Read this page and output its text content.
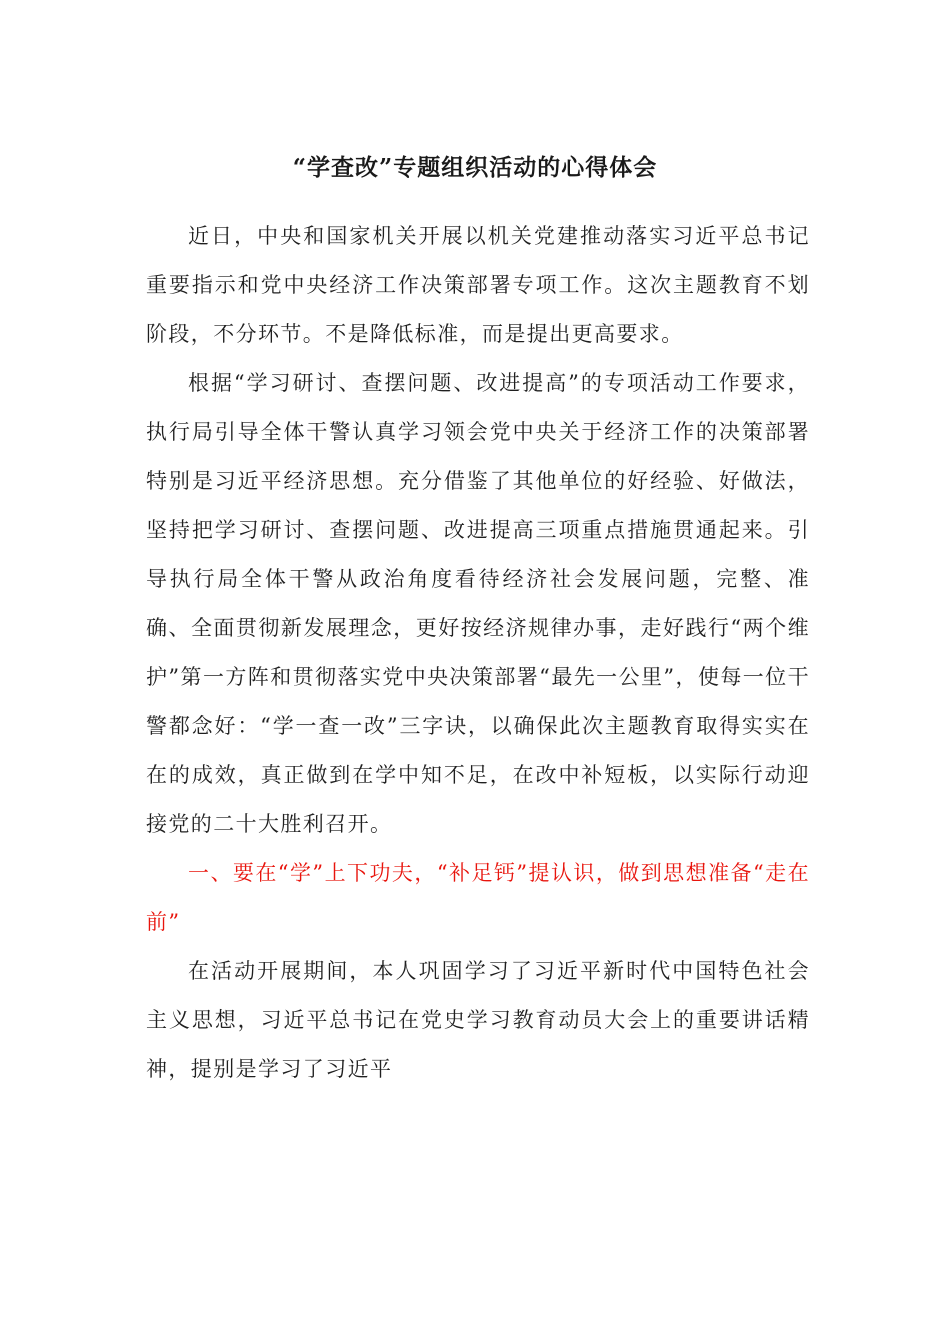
“学查改”专题组织活动的心得体会

近日，中央和国家机关开展以机关党建推动落实习近平总书记重要指示和党中央经济工作决策部署专项工作。这次主题教育不划阶段，不分环节。不是降低标准，而是提出更高要求。

根据“学习研讨、查摆问题、改进提高”的专项活动工作要求，执行局引导全体干警认真学习领会党中央关于经济工作的决策部署特别是习近平经济思想。充分借鉴了其他单位的好经验、好做法，坚持把学习研讨、查摆问题、改进提高三项重点措施贯通起来。引导执行局全体干警从政治角度看待经济社会发展问题，完整、准确、全面贯彻新发展理念，更好按经济规律办事，走好践行“两个维护”第一方阵和贯彻落实党中央决策部署“最先一公里”，使每一位干警都念好：“学一查一改”三字诀，以确保此次主题教育取得实实在在的成效，真正做到在学中知不足，在改中补短板，以实际行动迎接党的二十大胜利召开。

一、要在“学”上下功夫，“补足钙”提认识，做到思想准备“走在前”

在活动开展期间，本人巩固学习了习近平新时代中国特色社会主义思想，习近平总书记在党史学习教育动员大会上的重要讲话精神，提别是学习了习近平
